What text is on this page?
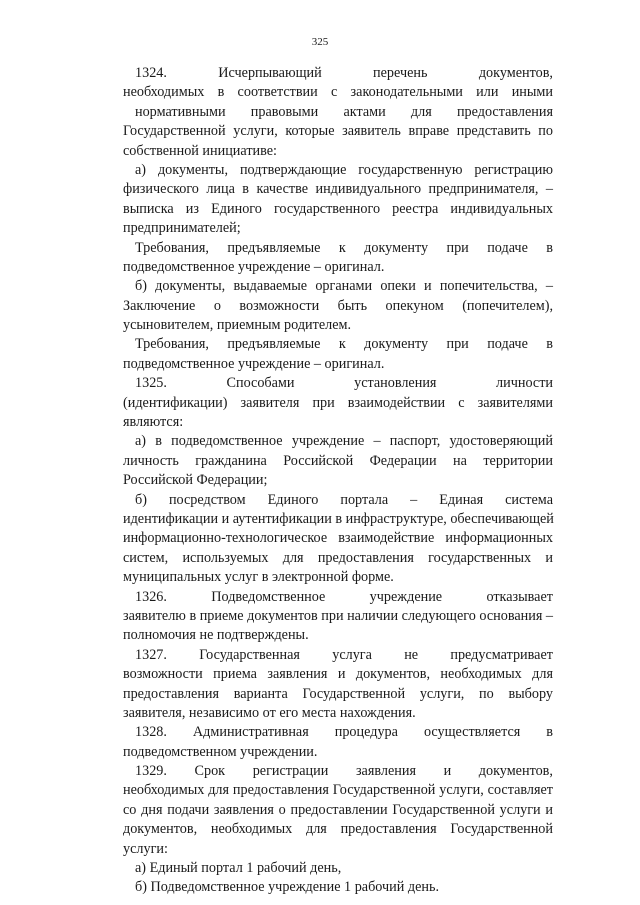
325
1324.	Исчерпывающий	перечень	документов,
необходимых в соответствии с законодательными или иными
нормативными правовыми актами для предоставления
Государственной услуги, которые заявитель вправе представить по
собственной инициативе:
а) документы, подтверждающие государственную регистрацию
физического лица в качестве индивидуального предпринимателя, –
выписка из Единого государственного реестра индивидуальных
предпринимателей;
Требования, предъявляемые к документу при подаче в
подведомственное учреждение – оригинал.
б) документы, выдаваемые органами опеки и попечительства, –
Заключение о возможности быть опекуном (попечителем),
усыновителем, приемным родителем.
Требования, предъявляемые к документу при подаче в
подведомственное учреждение – оригинал.
1325.	Способами	установления	личности
(идентификации) заявителя при взаимодействии с заявителями
являются:
а) в подведомственное учреждение – паспорт, удостоверяющий
личность гражданина Российской Федерации на территории
Российской Федерации;
б) посредством Единого портала – Единая система
идентификации и аутентификации в инфраструктуре, обеспечивающей
информационно-технологическое взаимодействие информационных
систем, используемых для предоставления государственных и
муниципальных услуг в электронной форме.
1326.	Подведомственное	учреждение	отказывает
заявителю в приеме документов при наличии следующего основания –
полномочия не подтверждены.
1327. Государственная услуга не предусматривает
возможности приема заявления и документов, необходимых для
предоставления варианта Государственной услуги, по выбору
заявителя, независимо от его места нахождения.
1328. Административная процедура осуществляется в
подведомственном учреждении.
1329. Срок регистрации заявления и документов,
необходимых для предоставления Государственной услуги, составляет
со дня подачи заявления о предоставлении Государственной услуги и
документов, необходимых для предоставления Государственной
услуги:
а) Единый портал 1 рабочий день,
б) Подведомственное учреждение 1 рабочий день.
